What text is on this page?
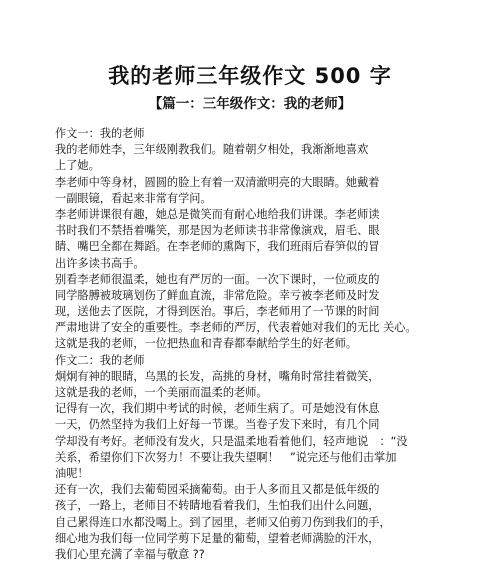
我的老师三年级作文 500 字
【篇一：三年级作文：我的老师】
作文一：我的老师
我的老师姓李，三年级刚教我们。随着朝夕相处，我渐渐地喜欢
上了她。
李老师中等身材，圆圆的脸上有着一双清澈明亮的大眼睛。她戴着
一副眼镜，看起来非常有学问。
李老师讲课很有趣，她总是微笑而有耐心地给我们讲课。李老师读
书时我们不禁捂着嘴笑，那是因为老师读书非常像演戏，眉毛、眼
睛、嘴巴全都在舞蹈。在李老师的熏陶下，我们班雨后春笋似的冒
出许多读书高手。
别看李老师很温柔，她也有严厉的一面。一次下课时，一位顽皮的
同学胳膊被玻璃划伤了鲜血直流，非常危险。幸亏被李老师及时发
现，送他去了医院，才得到医治。事后，李老师用了一节课的时间
严肃地讲了安全的重要性。李老师的严厉，代表着她对我们的无比 关心。
这就是我的老师，一位把热血和青春都奉献给学生的好老师。
作文二：我的老师
炯炯有神的眼睛，乌黑的长发，高挑的身材，嘴角时常挂着微笑，
这就是我的老师，一个美丽而温柔的老师。
记得有一次，我们期中考试的时候，老师生病了。可是她没有休息
一天，仍然坚持为我们上好每一节课。当卷子发下来时，有几个同
学却没有考好。老师没有发火，只是温柔地看着他们，轻声地说　：“没
关系，希望你们下次努力！不要让我失望啊！　”说完还与他们击掌加
油呢！
还有一次，我们去葡萄园采摘葡萄。由于人多而且又都是低年级的
孩子，一路上，老师目不转睛地看着我们，生怕我们出什么问题，
自己累得连口水都没喝上。到了园里，老师又伯剪刀伤到我们的手，
细心地为我们每一位同学剪下足量的葡萄，望着老师满脸的汗水，
我们心里充满了幸福与敬意 ??
